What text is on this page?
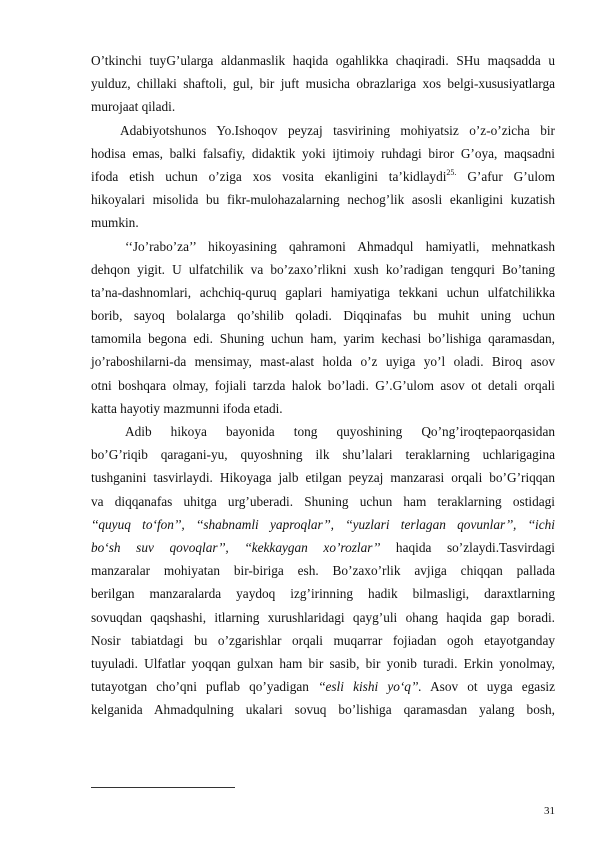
O’tkinchi tuyG’ularga aldanmaslik haqida ogahlikka chaqiradi. SHu maqsadda u
yulduz, chillaki shaftoli, gul, bir juft musicha obrazlariga xos belgi-xususiyatlarga
murojaat qiladi.
Adabiyotshunos Yo.Ishoqov peyzaj tasvirining mohiyatsiz o’z-o’zicha bir
hodisa emas, balki falsafiy, didaktik yoki ijtimoiy ruhdagi biror G’oya, maqsadni
ifoda etish uchun o’ziga xos vosita ekanligini ta’kidlaydi$^{25.}$ G’afur G’ulom
hikoyalari misolida bu fikr-mulohazalarning nechog’lik asosli ekanligini kuzatish
mumkin.
‘‘Jo’rabo’za’’ hikoyasining qahramoni Ahmadqul hamiyatli, mehnatkash
dehqon yigit. U ulfatchilik va bo’zaxo’rlikni xush ko’radigan tengquri Bo’taning
ta’na-dashnomlari, achchiq-quruq gaplari hamiyatiga tekkani uchun ulfatchilikka
borib, sayoq bolalarga qo’shilib qoladi. Diqqinafas bu muhit uning uchun
tamomila begona edi. Shuning uchun ham, yarim kechasi bo’lishiga qaramasdan,
jo’raboshilarni-da mensimay, mast-alast holda o’z uyiga yo’l oladi. Biroq asov
otni boshqara olmay, fojiali tarzda halok bo’ladi. G’.G’ulom asov ot detali orqali
katta hayotiy mazmunni ifoda etadi.
Adib hikoya bayonida tong quyoshining Qo’ng’iroqtepaorqasidan
bo’G’riqib qaragani-yu, quyoshning ilk shu’lalari teraklarning uchlarigagina
tushganini tasvirlaydi. Hikoyaga jalb etilgan peyzaj manzarasi orqali bo’G’riqqan
va diqqanafas uhitga urg’uberadi. Shuning uchun ham teraklarning ostidagi
‘‘quyuq to‘fon’’, ‘‘shabnamli yaproqlar’’, ‘‘yuzlari terlagan qovunlar’’, ‘‘ichi
bo‘sh suv qovoqlar’’, ‘‘kekkaygan xo’rozlar’’ haqida so’zlaydi.Tasvirdagi
manzaralar mohiyatan bir-biriga esh. Bo’zaxo’rlik avjiga chiqqan pallada
berilgan manzaralarda yaydoq izg’irinning hadik bilmasligi, daraxtlarning
sovuqdan qaqshashi, itlarning xurushlaridagi qayg’uli ohang haqida gap boradi.
Nosir tabiatdagi bu o’zgarishlar orqali muqarrar fojiadan ogoh etayotganday
tuyuladi. Ulfatlar yoqqan gulxan ham bir sasib, bir yonib turadi. Erkin yonolmay,
tutayotgan cho’qni puflab qo’yadigan ‘‘esli kishi yo‘q’’. Asov ot uyga egasiz
kelganida Ahmadqulning ukalari sovuq bo’lishiga qaramasdan yalang bosh,
31
